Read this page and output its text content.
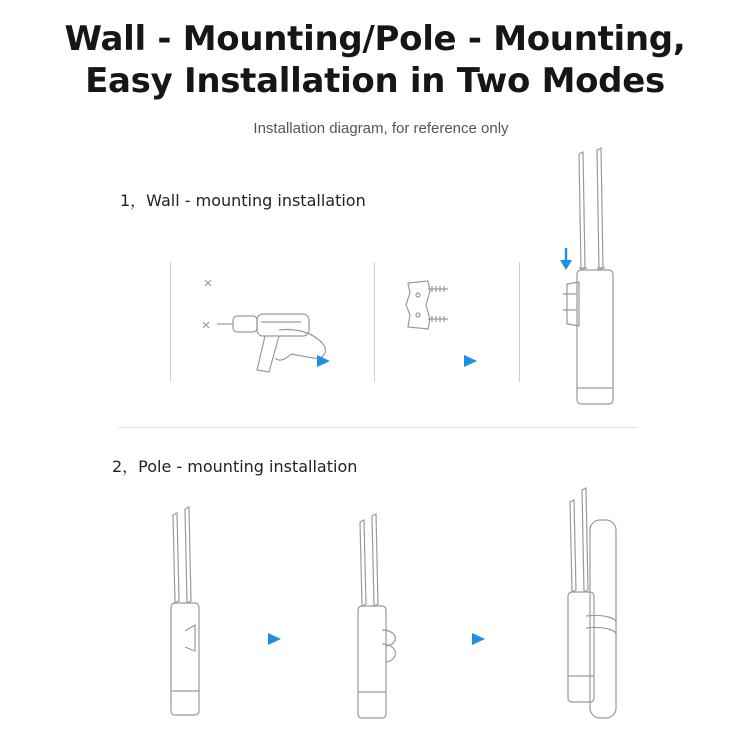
Wall - Mounting/Pole - Mounting,
Easy Installation in Two Modes
Installation diagram, for reference only
1，Wall - mounting installation
2，Pole - mounting installation
